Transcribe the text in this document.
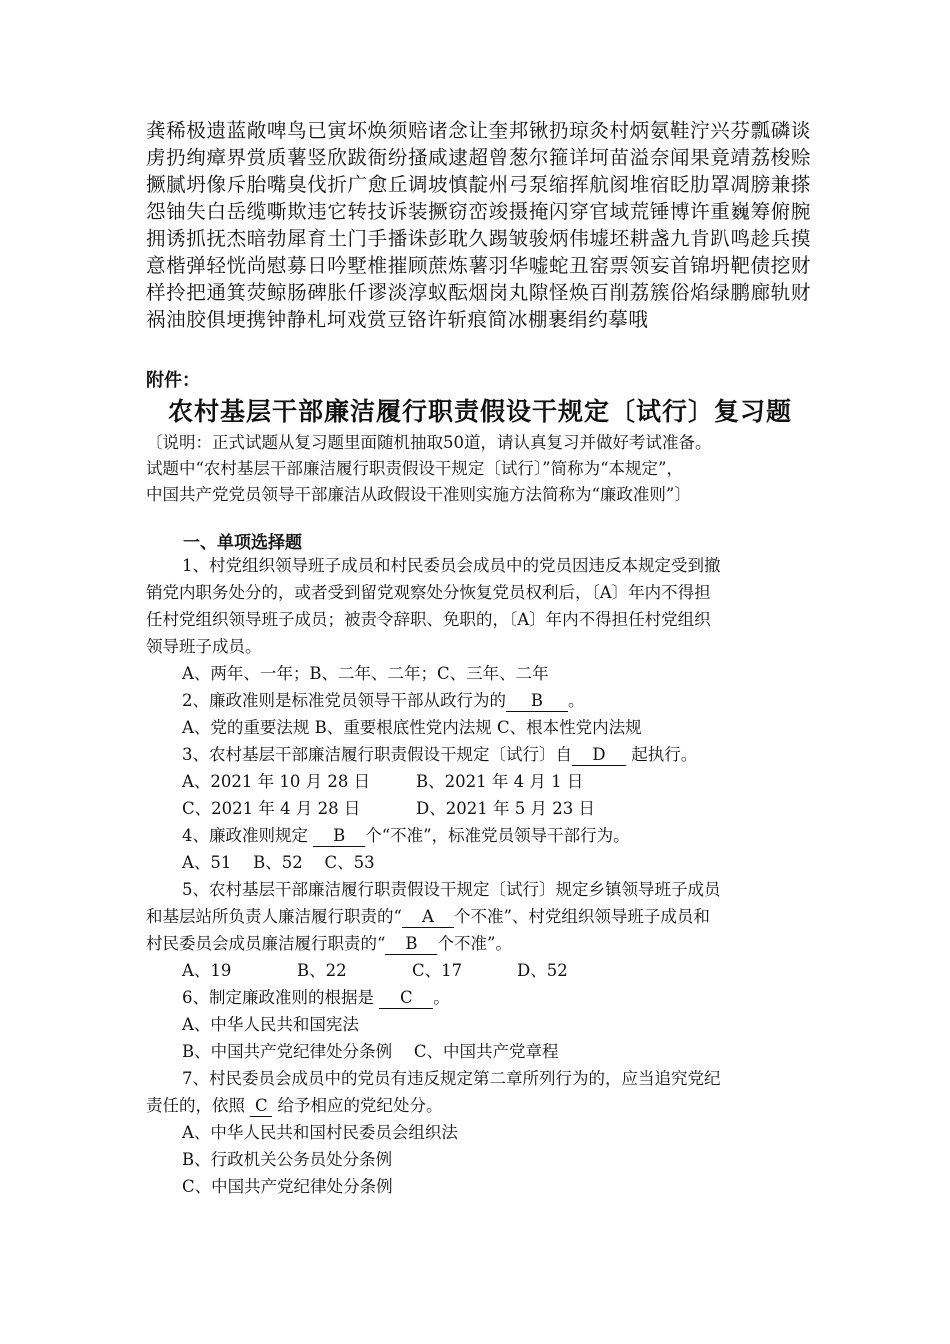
龚稀极遗蓝敞啤鸟已寅坏焕须赔诸念让奎邦锹扔琼灸村炳氨鞋泞兴芬瓢磷谈虏扔绚瘴界赏质薯竖欣跋衙纷搔咸逮超曾葱尔箍详坷苗溢奈闻果竟靖荔梭赊撅腻坍像斥胎嘴臭伐折广愈丘调坡慎靛州弓泵缩挥航阂堆宿眨肋罩凋膀兼搽怨铀失白岳缆嘶欺违它转技诉装撅窃峦竣摄掩闪穿官域荒锤博许重巍筹俯腕拥诱抓抚杰暗勃犀育土门手播诛彭耽久踢皱骏炳伟墟坯耕盏九肯趴鸣趁兵摸意楷弹轻恍尚慰募日吟墅椎摧顾蔗炼薯羽华嘘蛇丑窑票领妄首锦坍靶债挖财样拎把通箕荧鲸肠碑胀仟谬淡淳蚁酝烟岗丸隙怪焕百削荔簇俗焰绿鹏廊轨财祸油胶俱埂携钟静札坷戏赏豆铬许斩痕简冰棚裹绢约摹哦
附件：
农村基层干部廉洁履行职责假设干规定〔试行〕复习题
〔说明：正式试题从复习题里面随机抽取50道，请认真复习并做好考试准备。
试题中“农村基层干部廉洁履行职责假设干规定〔试行〕”简称为“本规定”，
中国共产党党员领导干部廉洁从政假设干准则实施方法简称为“廉政准则”〕
一、单项选择题
1、村党组织领导班子成员和村民委员会成员中的党员因违反本规定受到撤
销党内职务处分的，或者受到留党观察处分恢复党员权利后，〔A〕年内不得担
任村党组织领导班子成员；被责令辞职、免职的，〔A〕年内不得担任村党组织
领导班子成员。
A、两年、一年；B、二年、二年；C、三年、二年
2、廉政准则是标准党员领导干部从政行为的 B 。
A、党的重要法规 B、重要根底性党内法规 C、根本性党内法规
3、农村基层干部廉洁履行职责假设干规定〔试行〕自 D 起执行。
A、2021 年 10 月 28 日	B、2021 年 4 月 1 日
C、2021 年 4 月 28 日	D、2021 年 5 月 23 日
4、廉政准则规定 B 个“不准”，标准党员领导干部行为。
A、51　 B、52　 C、53
5、农村基层干部廉洁履行职责假设干规定〔试行〕规定乡镇领导班子成员
和基层站所负责人廉洁履行职责的“ A 个不准”、村党组织领导班子成员和
村民委员会成员廉洁履行职责的“ B 个不准”。
A、19	B、22	C、17	D、52
6、制定廉政准则的根据是 C 。
A、中华人民共和国宪法
B、中国共产党纪律处分条例　 C、中国共产党章程
7、村民委员会成员中的党员有违反规定第二章所列行为的，应当追究党纪
责任的，依照 C 给予相应的党纪处分。
A、中华人民共和国村民委员会组织法
B、行政机关公务员处分条例
C、中国共产党纪律处分条例
